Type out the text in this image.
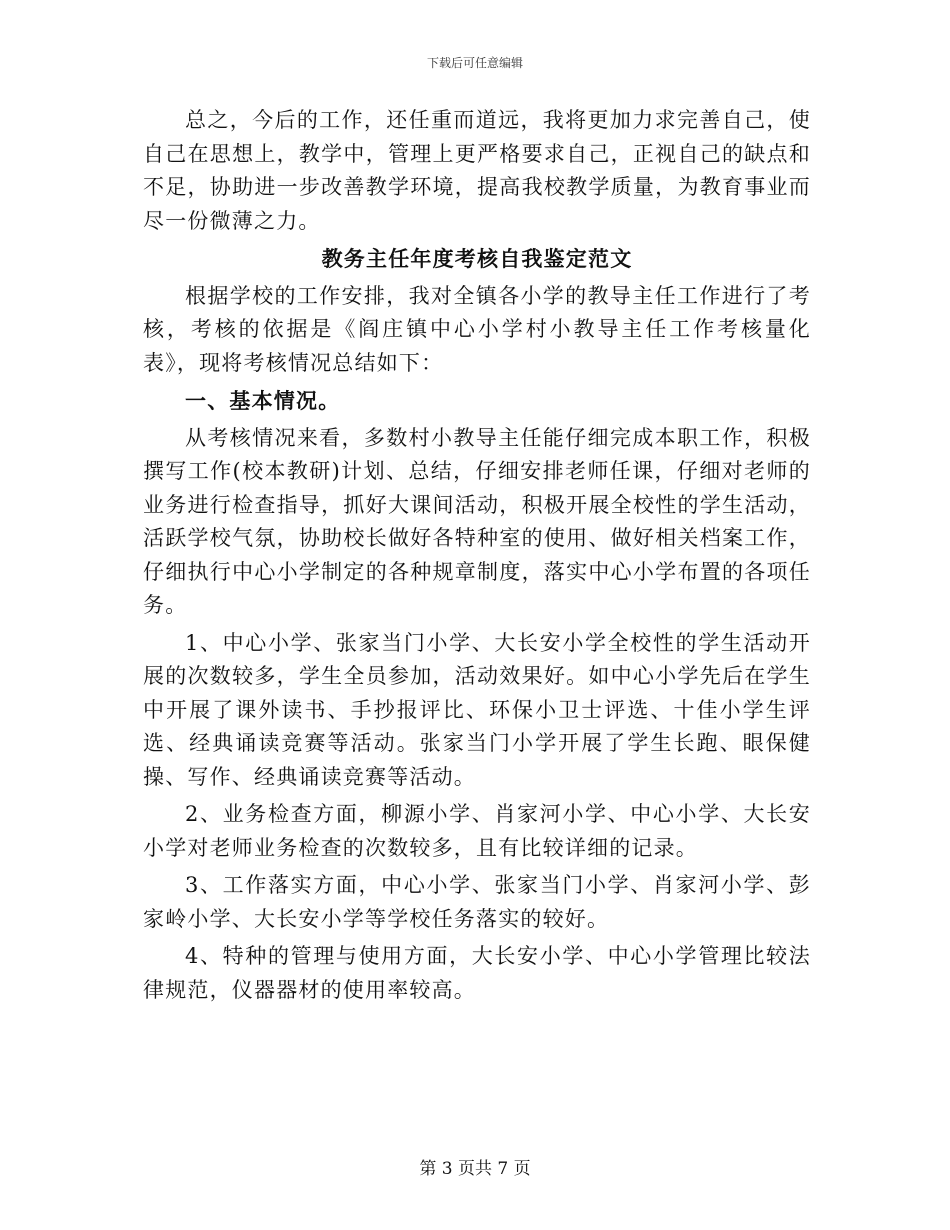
下载后可任意编辑

总之，今后的工作，还任重而道远，我将更加力求完善自己，使自己在思想上，教学中，管理上更严格要求自己，正视自己的缺点和不足，协助进一步改善教学环境，提高我校教学质量，为教育事业而尽一份微薄之力。

教务主任年度考核自我鉴定范文

根据学校的工作安排，我对全镇各小学的教导主任工作进行了考核，考核的依据是《阎庄镇中心小学村小教导主任工作考核量化表》，现将考核情况总结如下：

一、基本情况。

从考核情况来看，多数村小教导主任能仔细完成本职工作，积极撰写工作(校本教研)计划、总结，仔细安排老师任课，仔细对老师的业务进行检查指导，抓好大课间活动，积极开展全校性的学生活动，活跃学校气氛，协助校长做好各特种室的使用、做好相关档案工作，仔细执行中心小学制定的各种规章制度，落实中心小学布置的各项任务。

1、中心小学、张家当门小学、大长安小学全校性的学生活动开展的次数较多，学生全员参加，活动效果好。如中心小学先后在学生中开展了课外读书、手抄报评比、环保小卫士评选、十佳小学生评选、经典诵读竞赛等活动。张家当门小学开展了学生长跑、眼保健操、写作、经典诵读竞赛等活动。

2、业务检查方面，柳源小学、肖家河小学、中心小学、大长安小学对老师业务检查的次数较多，且有比较详细的记录。

3、工作落实方面，中心小学、张家当门小学、肖家河小学、彭家岭小学、大长安小学等学校任务落实的较好。

4、特种的管理与使用方面，大长安小学、中心小学管理比较法律规范，仪器器材的使用率较高。

第 3 页共 7 页
